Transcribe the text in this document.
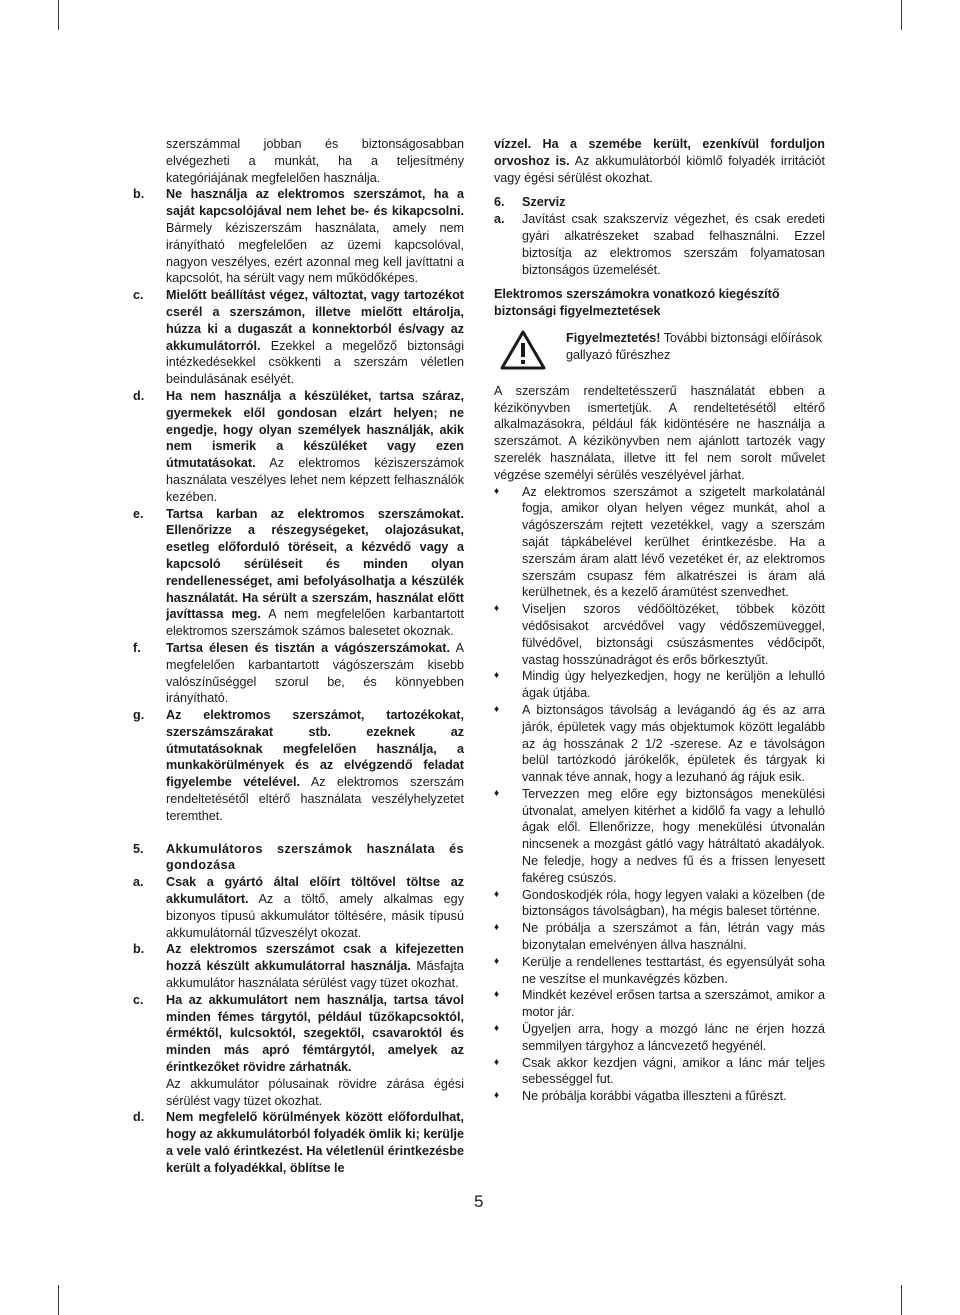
szerszámmal jobban és biztonságosabban elvégezheti a munkát, ha a teljesítmény kategóriájának megfelelően használja.
b.	Ne használja az elektromos szerszámot, ha a saját kapcsolójával nem lehet be- és kikapcsolni. Bármely kéziszerszám használata, amely nem irányítható megfelelően az üzemi kapcsolóval, nagyon veszélyes, ezért azonnal meg kell javíttatni a kapcsolót, ha sérült vagy nem működőképes.
c.	Mielőtt beállítást végez, változtat, vagy tartozékot cserél a szerszámon, illetve mielőtt eltárolja, húzza ki a dugaszát a konnektorból és/vagy az akkumulátorról. Ezekkel a megelőző biztonsági intézkedésekkel csökkenti a szerszám véletlen beindulásának esélyét.
d.	Ha nem használja a készüléket, tartsa száraz, gyermekek elől gondosan elzárt helyen; ne engedje, hogy olyan személyek használják, akik nem ismerik a készüléket vagy ezen útmutatásokat. Az elektromos kéziszerszámok használata veszélyes lehet nem képzett felhasználók kezében.
e.	Tartsa karban az elektromos szerszámokat. Ellenőrizze a részegységeket, olajozásukat, esetleg előforduló töréseit, a kézvédő vagy a kapcsoló sérüléseit és minden olyan rendellenességet, ami befolyásolhatja a készülék használatát. Ha sérült a szerszám, használat előtt javíttassa meg. A nem megfelelően karbantartott elektromos szerszámok számos balesetet okoznak.
f.	Tartsa élesen és tisztán a vágószerszámokat. A megfelelően karbantartott vágószerszám kisebb valószínűséggel szorul be, és könnyebben irányítható.
g.	Az elektromos szerszámot, tartozékokat, szerszámszárakat stb. ezeknek az útmutatásoknak megfelelően használja, a munkakörülmények és az elvégzendő feladat figyelembe vételével. Az elektromos szerszám rendeltetésétől eltérő használata veszélyhelyzetet teremthet.
5.	Akkumulátoros szerszámok használata és gondozása
a.	Csak a gyártó által előírt töltővel töltse az akkumulátort. Az a töltő, amely alkalmas egy bizonyos típusú akkumulátor töltésére, másik típusú akkumulátornál tűzveszélyt okozat.
b.	Az elektromos szerszámot csak a kifejezetten hozzá készült akkumulátorral használja. Másfajta akkumulátor használata sérülést vagy tüzet okozhat.
c.	Ha az akkumulátort nem használja, tartsa távol minden fémes tárgytól, például tűzőkapcsoktól, érméktől, kulcsoktól, szegektől, csavaroktól és minden más apró fémtárgytól, amelyek az érintkezőket rövidre zárhatnák.
Az akkumulátor pólusainak rövidre zárása égési sérülést vagy tüzet okozhat.
d.	Nem megfelelő körülmények között előfordulhat, hogy az akkumulátorból folyadék ömlik ki; kerülje a vele való érintkezést. Ha véletlenül érintkezésbe került a folyadékkal, öblítse le
vízzel. Ha a szemébe került, ezenkívül forduljon orvoshoz is. Az akkumulátorból kiömlő folyadék irritációt vagy égési sérülést okozhat.
6.	Szerviz
a.	Javítást csak szakszerviz végezhet, és csak eredeti gyári alkatrészeket szabad felhasználni. Ezzel biztosítja az elektromos szerszám folyamatosan biztonságos üzemelését.
Elektromos szerszámokra vonatkozó kiegészítő biztonsági figyelmeztetések
Figyelmeztetés! További biztonsági előírások gallyazó fűrészhez
A szerszám rendeltetésszerű használatát ebben a kézikönyvben ismertetjük. A rendeltetésétől eltérő alkalmazásokra, például fák kidöntésére ne használja a szerszámot. A kézikönyvben nem ajánlott tartozék vagy szerelék használata, illetve itt fel nem sorolt művelet végzése személyi sérülés veszélyével járhat.
♦	Az elektromos szerszámot a szigetelt markolatánál fogja, amikor olyan helyen végez munkát, ahol a vágószerszám rejtett vezetékkel, vagy a szerszám saját tápkábelével kerülhet érintkezésbe. Ha a szerszám áram alatt lévő vezetéket ér, az elektromos szerszám csupasz fém alkatrészei is áram alá kerülhetnek, és a kezelő áramütést szenvedhet.
♦	Viseljen szoros védőöltözéket, többek között védősisakot arcvédővel vagy védőszemüveggel, fülvédővel, biztonsági csúszásmentes védőcipőt, vastag hosszúnadrágot és erős bőrkesztyűt.
♦	Mindig úgy helyezkedjen, hogy ne kerüljön a lehulló ágak útjába.
♦	A biztonságos távolság a levágandó ág és az arra járók, épületek vagy más objektumok között legalább az ág hosszának 2 1/2 -szerese. Az e távolságon belül tartózkodó járókelők, épületek és tárgyak ki vannak téve annak, hogy a lezuhanó ág rájuk esik.
♦	Tervezzen meg előre egy biztonságos menekülési útvonalat, amelyen kitérhet a kidőlő fa vagy a lehulló ágak elől. Ellenőrizze, hogy menekülési útvonalán nincsenek a mozgást gátló vagy hátráltató akadályok. Ne feledje, hogy a nedves fű és a frissen lenyesett fakéreg csúszós.
♦	Gondoskodjék róla, hogy legyen valaki a közelben (de biztonságos távolságban), ha mégis baleset történne.
♦	Ne próbálja a szerszámot a fán, létrán vagy más bizonytalan emelvényen állva használni.
♦	Kerülje a rendellenes testtartást, és egyensúlyát soha ne veszítse el munkavégzés közben.
♦	Mindkét kezével erősen tartsa a szerszámot, amikor a motor jár.
♦	Ügyeljen arra, hogy a mozgó lánc ne érjen hozzá semmilyen tárgyhoz a láncvezető hegyénél.
♦	Csak akkor kezdjen vágni, amikor a lánc már teljes sebességgel fut.
♦	Ne próbálja korábbi vágatba illeszteni a fűrészt.
5
